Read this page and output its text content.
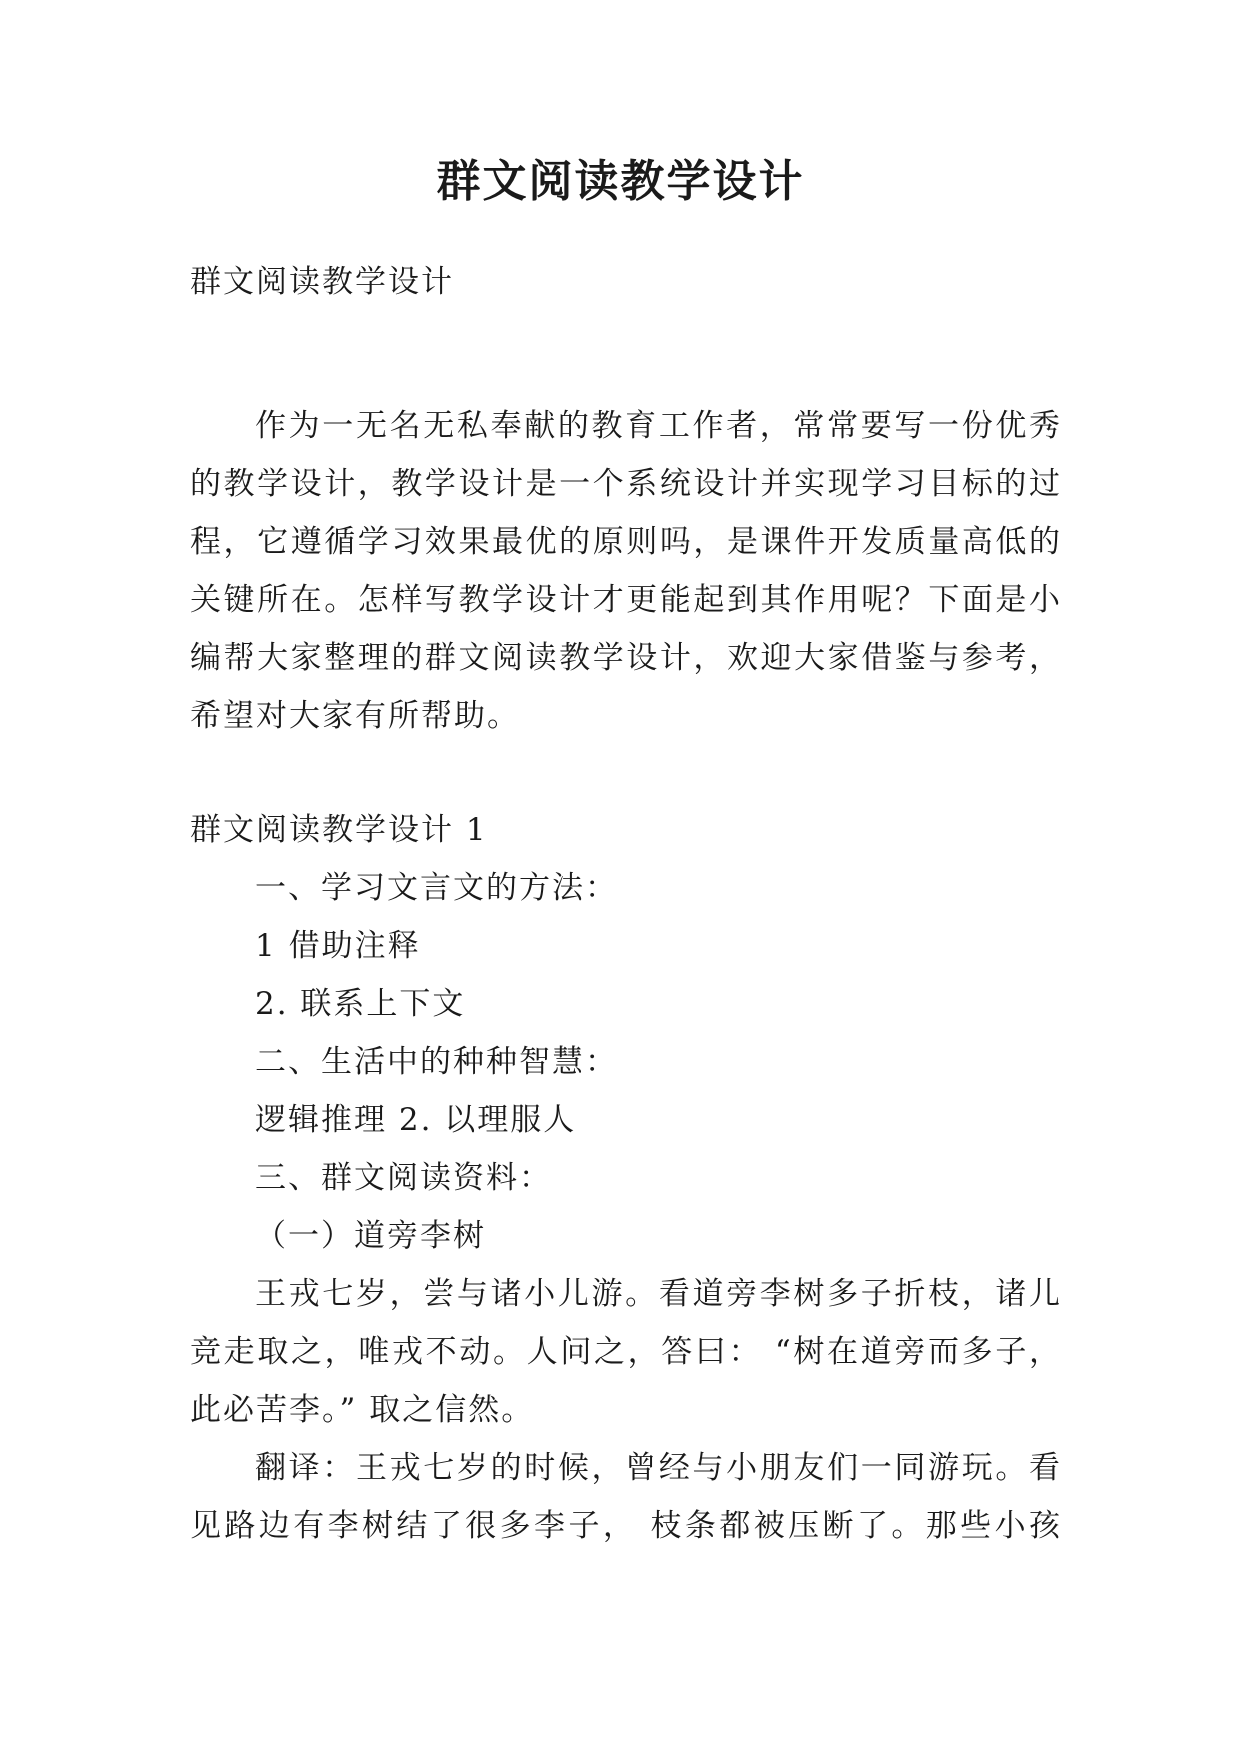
群文阅读教学设计

群文阅读教学设计

作为一无名无私奉献的教育工作者，常常要写一份优秀

的教学设计，教学设计是一个系统设计并实现学习目标的过

程，它遵循学习效果最优的原则吗，是课件开发质量高低的

关键所在。怎样写教学设计才更能起到其作用呢？下面是小

编帮大家整理的群文阅读教学设计，欢迎大家借鉴与参考，

希望对大家有所帮助。

群文阅读教学设计 1

一、学习文言文的方法：

1 借助注释

2. 联系上下文

二、生活中的种种智慧：

逻辑推理 2. 以理服人

三、群文阅读资料：

（一）道旁李树

王戎七岁，尝与诸小儿游。看道旁李树多子折枝，诸儿

竞走取之，唯戎不动。人问之，答曰： “树在道旁而多子，

此必苦李。” 取之信然。

翻译：王戎七岁的时候，曾经与小朋友们一同游玩。看

见路边有李树结了很多李子， 枝条都被压断了。那些小孩
